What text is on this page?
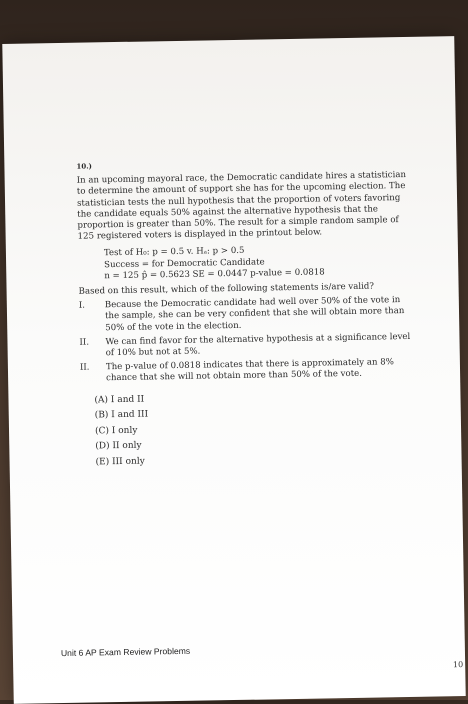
10.)
In an upcoming mayoral race, the Democratic candidate hires a statistician to determine the amount of support she has for the upcoming election. The statistician tests the null hypothesis that the proportion of voters favoring the candidate equals 50% against the alternative hypothesis that the proportion is greater than 50%. The result for a simple random sample of 125 registered voters is displayed in the printout below.
Test of H₀: p = 0.5 v. Hₐ: p > 0.5
Success = for Democratic Candidate
n = 125 p̂ = 0.5623 SE = 0.0447 p-value = 0.0818
Based on this result, which of the following statements is/are valid?
I.	Because the Democratic candidate had well over 50% of the vote in the sample, she can be very confident that she will obtain more than 50% of the vote in the election.
II.	We can find favor for the alternative hypothesis at a significance level of 10% but not at 5%.
II.	The p-value of 0.0818 indicates that there is approximately an 8% chance that she will not obtain more than 50% of the vote.
(A) I and II
(B) I and III
(C) I only
(D) II only
(E) III only
Unit 6 AP Exam Review Problems
10
